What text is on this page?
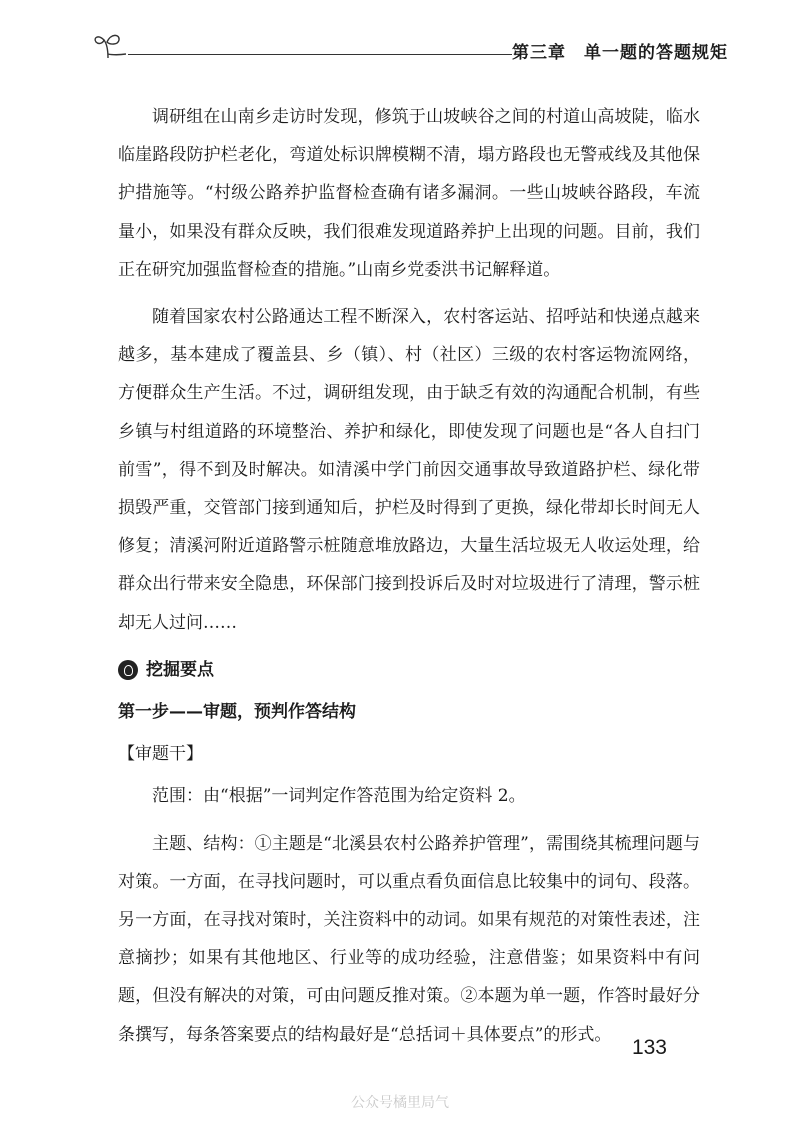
第三章 单一题的答题规矩

调研组在山南乡走访时发现，修筑于山坡峡谷之间的村道山高坡陡，临水临崖路段防护栏老化，弯道处标识牌模糊不清，塌方路段也无警戒线及其他保护措施等。“村级公路养护监督检查确有诸多漏洞。一些山坡峡谷路段，车流量小，如果没有群众反映，我们很难发现道路养护上出现的问题。目前，我们正在研究加强监督检查的措施。”山南乡党委洪书记解释道。

随着国家农村公路通达工程不断深入，农村客运站、招呼站和快递点越来越多，基本建成了覆盖县、乡（镇）、村（社区）三级的农村客运物流网络，方便群众生产生活。不过，调研组发现，由于缺乏有效的沟通配合机制，有些乡镇与村组道路的环境整治、养护和绿化，即使发现了问题也是“各人自扫门前雪”，得不到及时解决。如清溪中学门前因交通事故导致道路护栏、绿化带损毁严重，交管部门接到通知后，护栏及时得到了更换，绿化带却长时间无人修复；清溪河附近道路警示桩随意堆放路边，大量生活垃圾无人收运处理，给群众出行带来安全隐患，环保部门接到投诉后及时对垃圾进行了清理，警示桩却无人过问……

挖掘要点
第一步——审题，预判作答结构
【审题干】

范围：由“根据”一词判定作答范围为给定资料 2。

主题、结构：①主题是“北溪县农村公路养护管理”，需围绕其梳理问题与对策。一方面，在寻找问题时，可以重点看负面信息比较集中的词句、段落。另一方面，在寻找对策时，关注资料中的动词。如果有规范的对策性表述，注意摘抄；如果有其他地区、行业等的成功经验，注意借鉴；如果资料中有问题，但没有解决的对策，可由问题反推对策。②本题为单一题，作答时最好分条撰写，每条答案要点的结构最好是“总括词＋具体要点”的形式。

133
公众号橘里局气
